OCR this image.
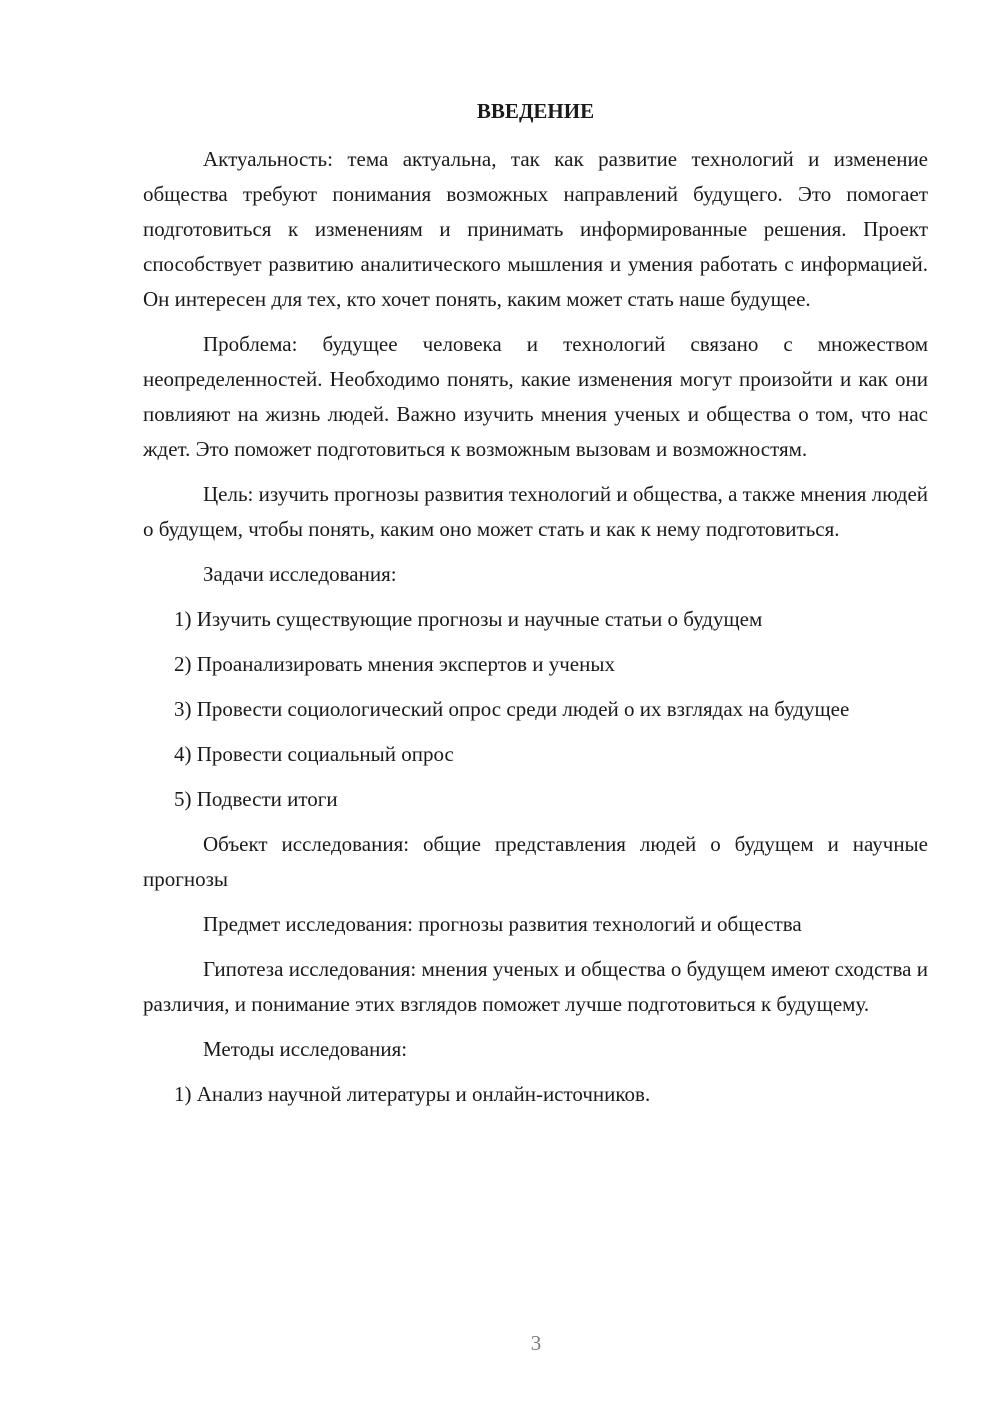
ВВЕДЕНИЕ

Актуальность: тема актуальна, так как развитие технологий и изменение общества требуют понимания возможных направлений будущего. Это помогает подготовиться к изменениям и принимать информированные решения. Проект способствует развитию аналитического мышления и умения работать с информацией. Он интересен для тех, кто хочет понять, каким может стать наше будущее.

Проблема: будущее человека и технологий связано с множеством неопределенностей. Необходимо понять, какие изменения могут произойти и как они повлияют на жизнь людей. Важно изучить мнения ученых и общества о том, что нас ждет. Это поможет подготовиться к возможным вызовам и возможностям.

Цель: изучить прогнозы развития технологий и общества, а также мнения людей о будущем, чтобы понять, каким оно может стать и как к нему подготовиться.

Задачи исследования:

1) Изучить существующие прогнозы и научные статьи о будущем

2) Проанализировать мнения экспертов и ученых

3) Провести социологический опрос среди людей о их взглядах на будущее

4) Провести социальный опрос

5) Подвести итоги

Объект исследования: общие представления людей о будущем и научные прогнозы

Предмет исследования: прогнозы развития технологий и общества

Гипотеза исследования: мнения ученых и общества о будущем имеют сходства и различия, и понимание этих взглядов поможет лучше подготовиться к будущему.

Методы исследования:

1) Анализ научной литературы и онлайн-источников.

3
